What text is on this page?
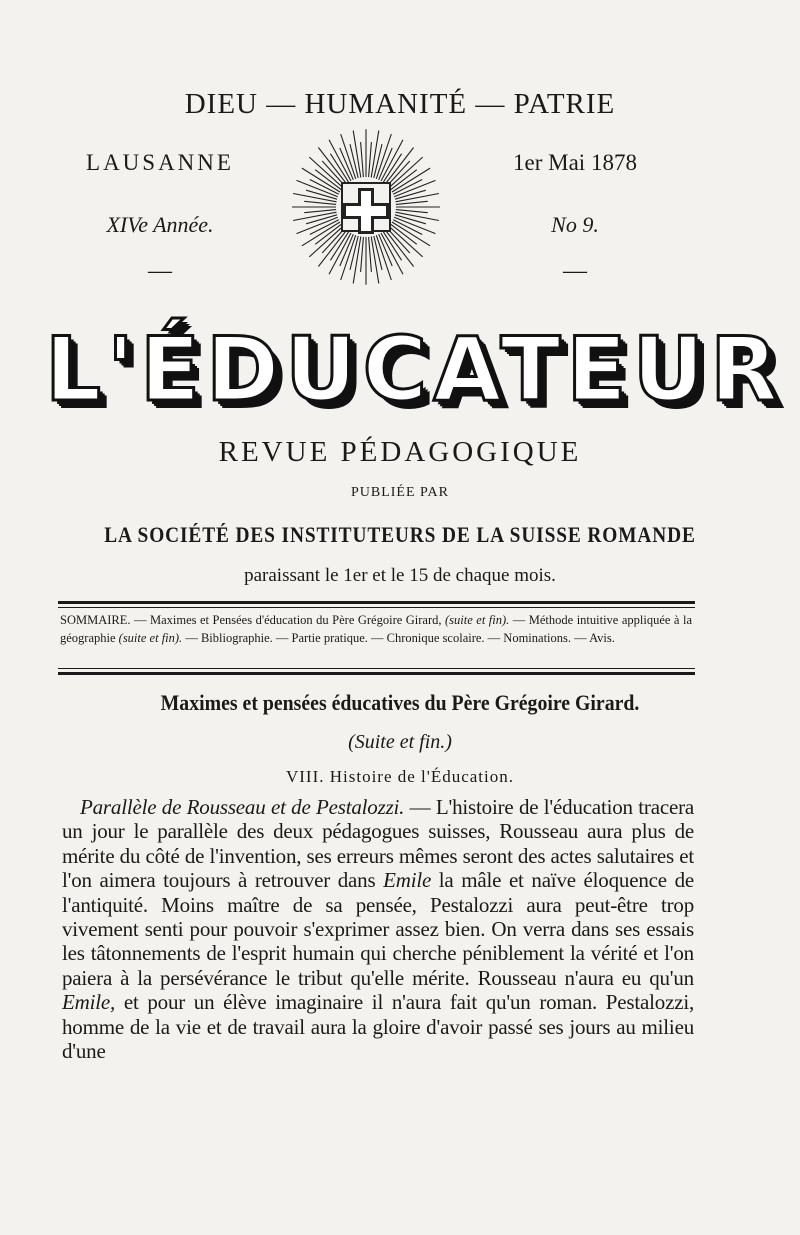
DIEU — HUMANITÉ — PATRIE
LAUSANNE
XIVe Année.
—
1er Mai 1878
No 9.
—
L'ÉDUCATEUR
REVUE PÉDAGOGIQUE
PUBLIÉE PAR
LA SOCIÉTÉ DES INSTITUTEURS DE LA SUISSE ROMANDE
paraissant le 1er et le 15 de chaque mois.
SOMMAIRE. — Maximes et Pensées d'éducation du Père Grégoire Girard, (suite et fin). — Méthode intuitive appliquée à la géographie (suite et fin). — Bibliographie. — Partie pratique. — Chronique scolaire. — Nominations. — Avis.
Maximes et pensées éducatives du Père Grégoire Girard.
(Suite et fin.)
VIII. Histoire de l'Éducation.
Parallèle de Rousseau et de Pestalozzi. — L'histoire de l'éducation tracera un jour le parallèle des deux pédagogues suisses, Rousseau aura plus de mérite du côté de l'invention, ses erreurs mêmes seront des actes salutaires et l'on aimera toujours à retrouver dans Emile la mâle et naïve éloquence de l'antiquité. Moins maître de sa pensée, Pestalozzi aura peut-être trop vivement senti pour pouvoir s'exprimer assez bien. On verra dans ses essais les tâtonnements de l'esprit humain qui cherche péniblement la vérité et l'on paiera à la persévérance le tribut qu'elle mérite. Rousseau n'aura eu qu'un Emile, et pour un élève imaginaire il n'aura fait qu'un roman. Pestalozzi, homme de la vie et de travail aura la gloire d'avoir passé ses jours au milieu d'une
